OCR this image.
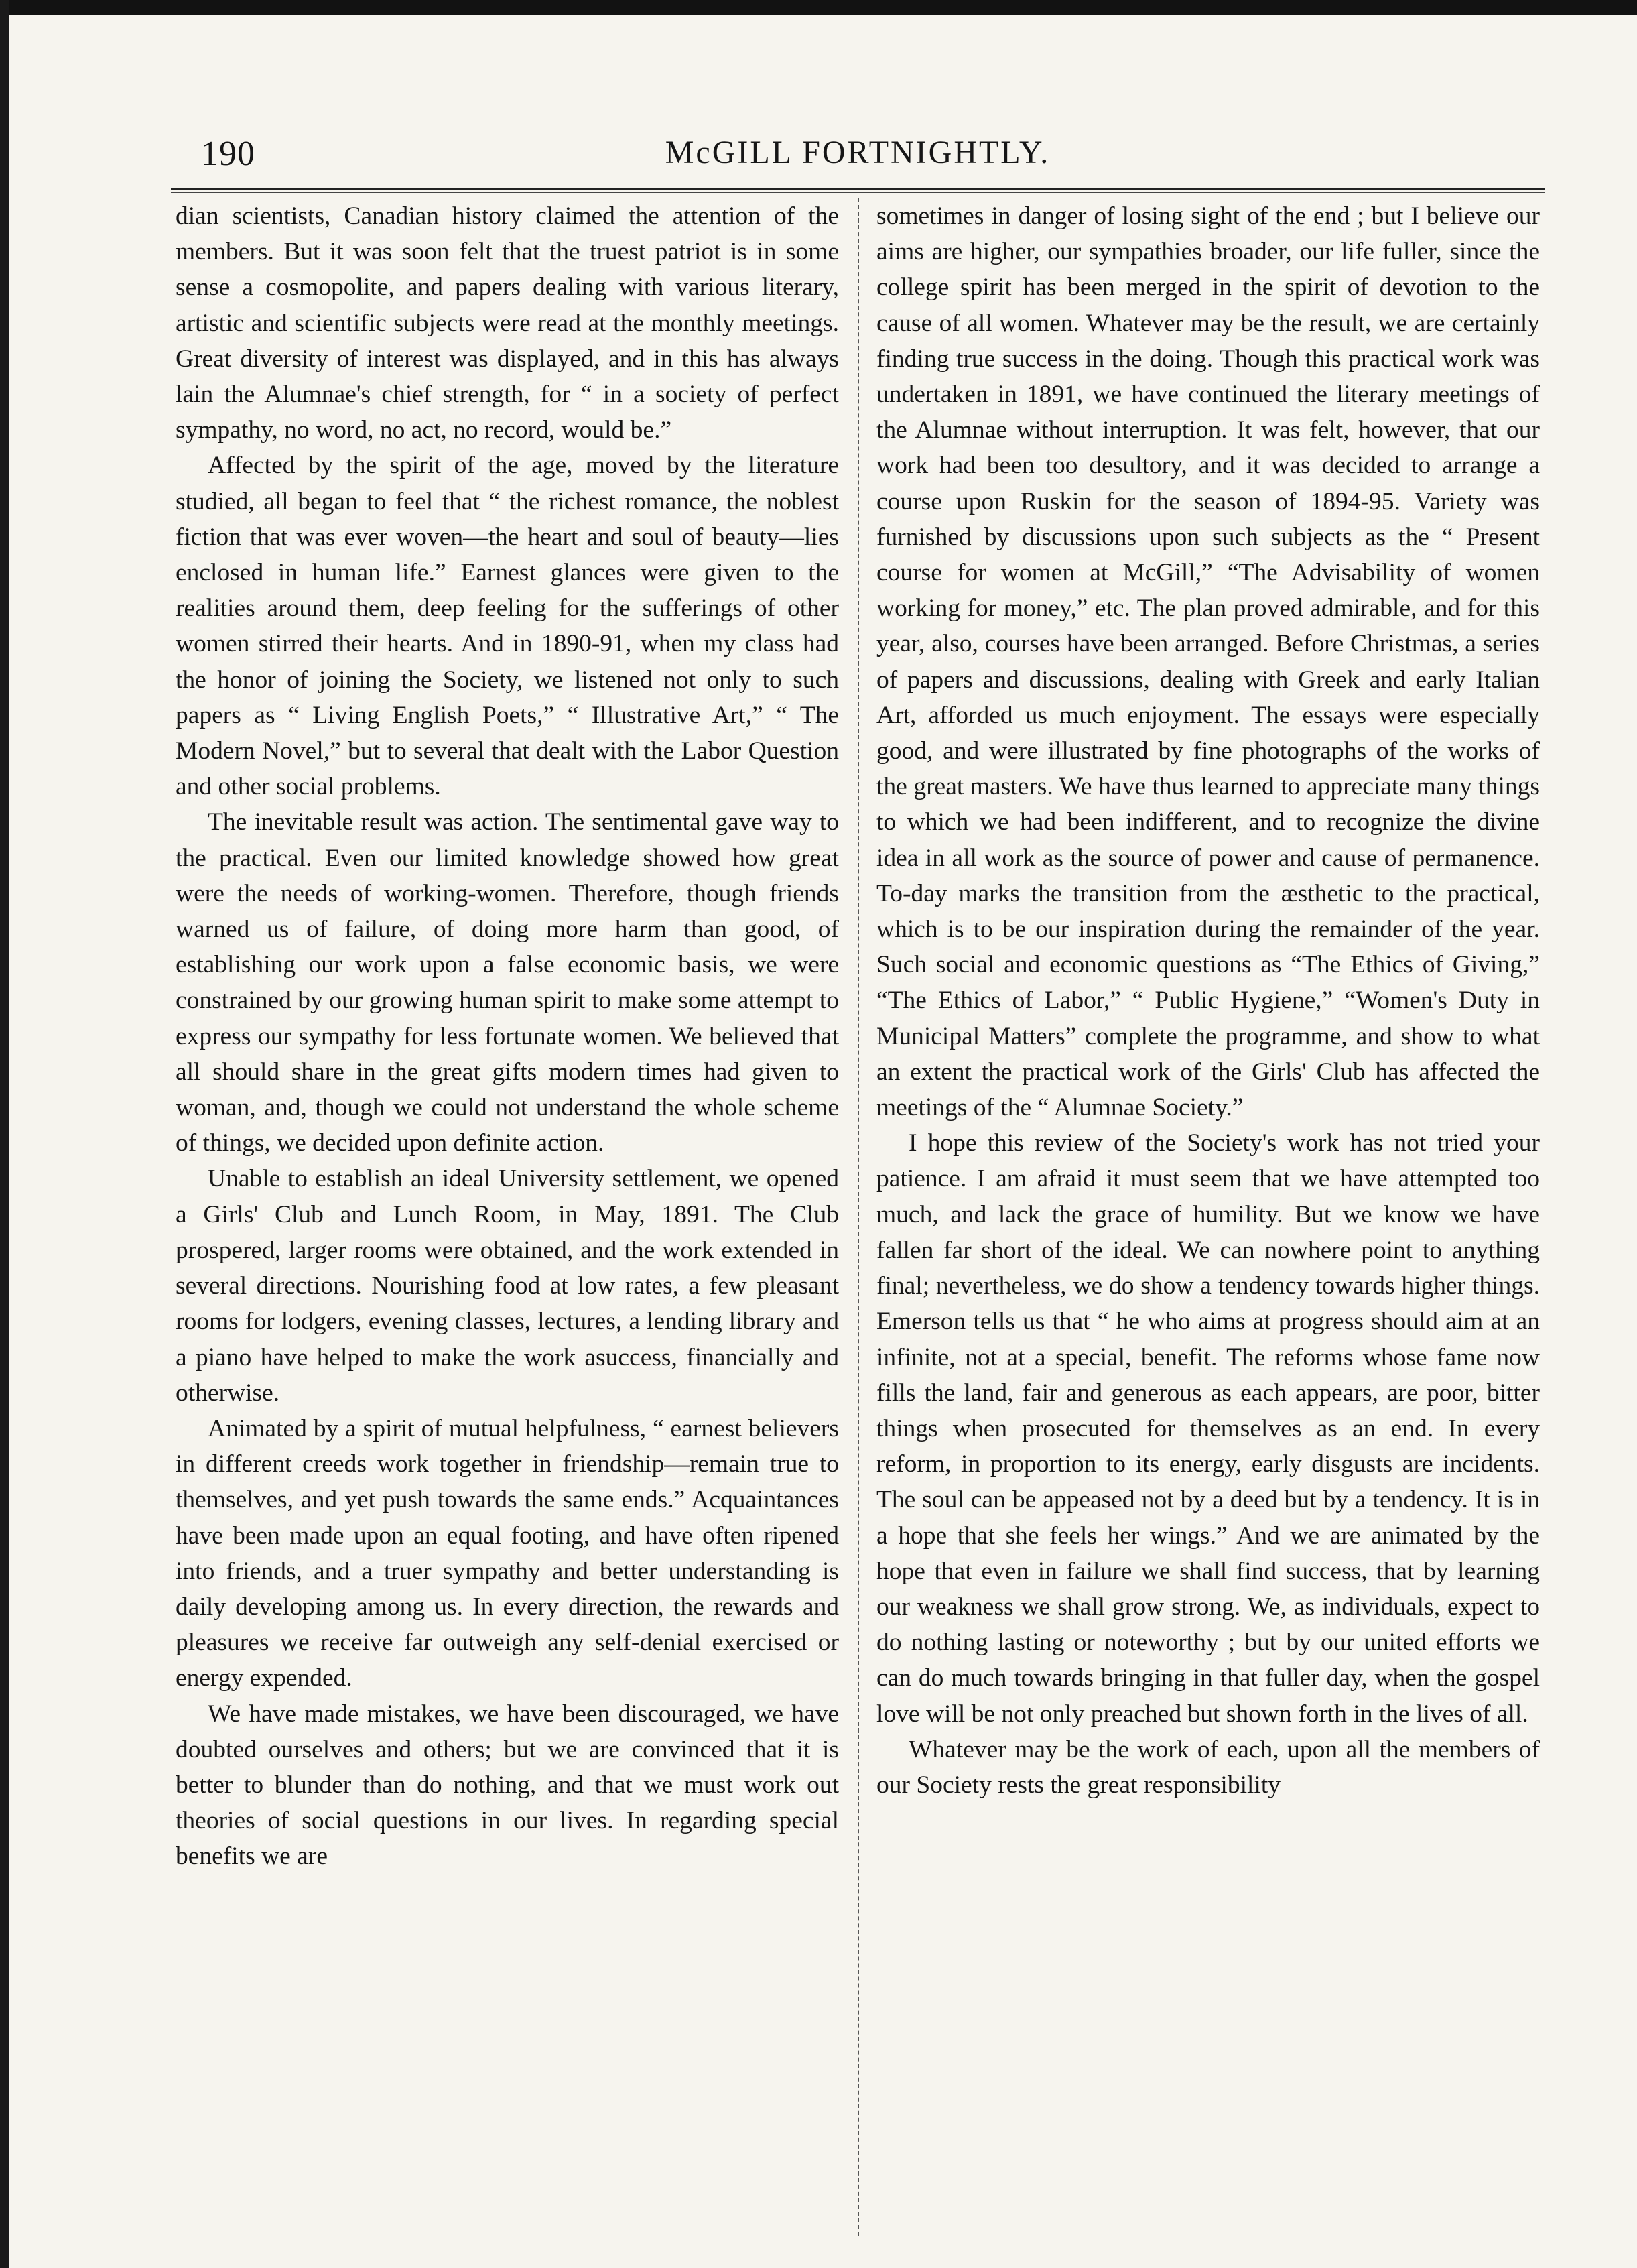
190	McGILL FORTNIGHTLY.

dian scientists, Canadian history claimed the attention of the members. But it was soon felt that the truest patriot is in some sense a cosmopolite, and papers dealing with various literary, artistic and scientific subjects were read at the monthly meetings. Great diversity of interest was displayed, and in this has always lain the Alumnae's chief strength, for “ in a society of perfect sympathy, no word, no act, no record, would be.”

Affected by the spirit of the age, moved by the literature studied, all began to feel that “ the richest romance, the noblest fiction that was ever woven—the heart and soul of beauty—lies enclosed in human life.” Earnest glances were given to the realities around them, deep feeling for the sufferings of other women stirred their hearts. And in 1890-91, when my class had the honor of joining the Society, we listened not only to such papers as “ Living English Poets,” “ Illustrative Art,” “ The Modern Novel,” but to several that dealt with the Labor Question and other social problems.

The inevitable result was action. The sentimental gave way to the practical. Even our limited knowledge showed how great were the needs of working-women. Therefore, though friends warned us of failure, of doing more harm than good, of establishing our work upon a false economic basis, we were constrained by our growing human spirit to make some attempt to express our sympathy for less fortunate women. We believed that all should share in the great gifts modern times had given to woman, and, though we could not understand the whole scheme of things, we decided upon definite action.

Unable to establish an ideal University settlement, we opened a Girls' Club and Lunch Room, in May, 1891. The Club prospered, larger rooms were obtained, and the work extended in several directions. Nourishing food at low rates, a few pleasant rooms for lodgers, evening classes, lectures, a lending library and a piano have helped to make the work asuccess, financially and otherwise.

Animated by a spirit of mutual helpfulness, “ earnest believers in different creeds work together in friendship—remain true to themselves, and yet push towards the same ends.” Acquaintances have been made upon an equal footing, and have often ripened into friends, and a truer sympathy and better understanding is daily developing among us. In every direction, the rewards and pleasures we receive far outweigh any self-denial exercised or energy expended.

We have made mistakes, we have been discouraged, we have doubted ourselves and others; but we are convinced that it is better to blunder than do nothing, and that we must work out theories of social questions in our lives. In regarding special benefits we are

sometimes in danger of losing sight of the end ; but I believe our aims are higher, our sympathies broader, our life fuller, since the college spirit has been merged in the spirit of devotion to the cause of all women. Whatever may be the result, we are certainly finding true success in the doing. Though this practical work was undertaken in 1891, we have continued the literary meetings of the Alumnae without interruption. It was felt, however, that our work had been too desultory, and it was decided to arrange a course upon Ruskin for the season of 1894-95. Variety was furnished by discussions upon such subjects as the “ Present course for women at McGill,” “The Advisability of women working for money,” etc. The plan proved admirable, and for this year, also, courses have been arranged. Before Christmas, a series of papers and discussions, dealing with Greek and early Italian Art, afforded us much enjoyment. The essays were especially good, and were illustrated by fine photographs of the works of the great masters. We have thus learned to appreciate many things to which we had been indifferent, and to recognize the divine idea in all work as the source of power and cause of permanence. To-day marks the transition from the æsthetic to the practical, which is to be our inspiration during the remainder of the year. Such social and economic questions as “The Ethics of Giving,” “The Ethics of Labor,” “ Public Hygiene,” “Women's Duty in Municipal Matters” complete the programme, and show to what an extent the practical work of the Girls' Club has affected the meetings of the “ Alumnae Society.”

I hope this review of the Society's work has not tried your patience. I am afraid it must seem that we have attempted too much, and lack the grace of humility. But we know we have fallen far short of the ideal. We can nowhere point to anything final; nevertheless, we do show a tendency towards higher things. Emerson tells us that “ he who aims at progress should aim at an infinite, not at a special, benefit. The reforms whose fame now fills the land, fair and generous as each appears, are poor, bitter things when prosecuted for themselves as an end. In every reform, in proportion to its energy, early disgusts are incidents. The soul can be appeased not by a deed but by a tendency. It is in a hope that she feels her wings.” And we are animated by the hope that even in failure we shall find success, that by learning our weakness we shall grow strong. We, as individuals, expect to do nothing lasting or noteworthy ; but by our united efforts we can do much towards bringing in that fuller day, when the gospel love will be not only preached but shown forth in the lives of all.

Whatever may be the work of each, upon all the members of our Society rests the great responsibility
